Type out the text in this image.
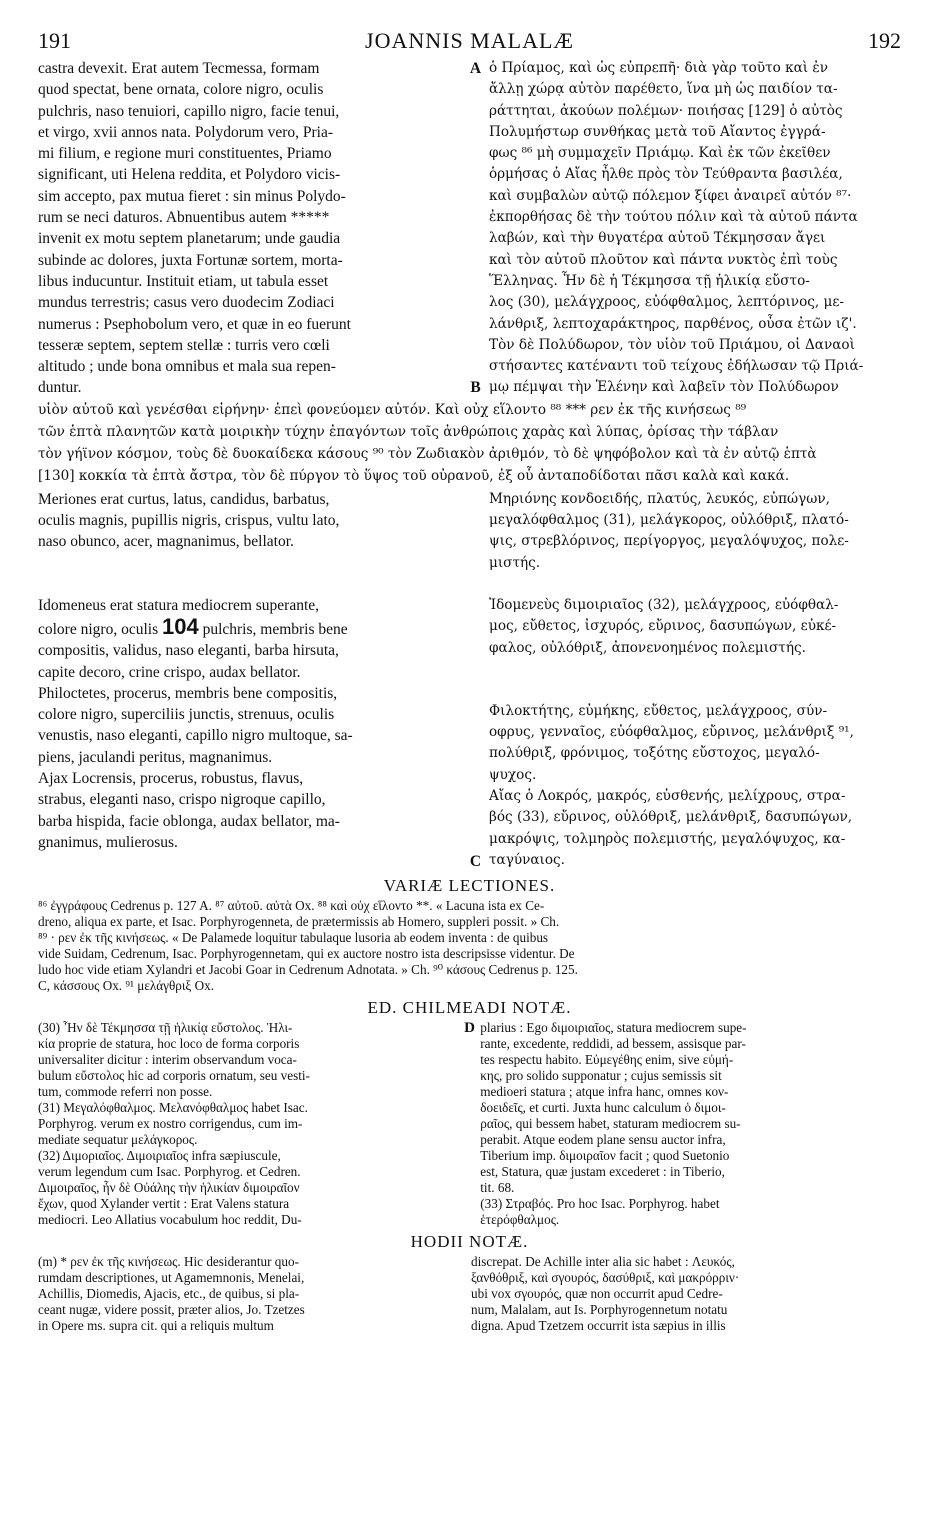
191	JOANNIS MALALÆ	192
castra devexit. Erat autem Tecmessa, formam
quod spectat, bene ornata, colore nigro, oculis
pulchris, naso tenuiori, capillo nigro, facie tenui,
et virgo, xvii annos nata. Polydorum vero, Pria-
mi filium, e regione muri constituentes, Priamo
significant, uti Helena reddita, et Polydoro vicis-
sim accepto, pax mutua fieret : sin minus Polydo-
rum se neci daturos. Abnuentibus autem *****
invenit ex motu septem planetarum; unde gaudia
subinde ac dolores, juxta Fortunæ sortem, morta-
libus inducuntur. Instituit etiam, ut tabula esset
mundus terrestris; casus vero duodecim Zodiaci
numerus : Psephobolum vero, et quæ in eo fuerunt
tesseræ septem, septem stellæ : turris vero cœli
altitudo ; unde bona omnibus et mala sua repen-
duntur.
A
B
ὁ Πρίαμος, καὶ ὡς εὐπρεπῆ· διὰ γὰρ τοῦτο καὶ ἐν
ἄλλῃ χώρᾳ αὐτὸν παρέθετο, ἵνα μὴ ὡς παιδίον τα-
ράττηται, ἀκούων πολέμων· ποιήσας [129] ὁ αὐτὸς
Πολυμήστωρ συνθήκας μετὰ τοῦ Αἴαντος ἐγγρά-
φως ⁸⁶ μὴ συμμαχεῖν Πριάμῳ. Καὶ ἐκ τῶν ἐκεῖθεν
ὁρμήσας ὁ Αἴας ἦλθε πρὸς τὸν Τεύθραντα βασιλέα,
καὶ συμβαλὼν αὐτῷ πόλεμον ξίφει ἀναιρεῖ αὐτόν ⁸⁷·
ἐκπορθήσας δὲ τὴν τούτου πόλιν καὶ τὰ αὐτοῦ πάντα
λαβών, καὶ τὴν θυγατέρα αὐτοῦ Τέκμησσαν ἄγει
καὶ τὸν αὐτοῦ πλοῦτον καὶ πάντα νυκτὸς ἐπὶ τοὺς
Ἕλληνας. Ἦν δὲ ἡ Τέκμησσα τῇ ἡλικίᾳ εὔστο-
λος (30), μελάγχροος, εὐόφθαλμος, λεπτόρινος, με-
λάνθριξ, λεπτοχαράκτηρος, παρθένος, οὖσα ἐτῶν ιζ'.
Τὸν δὲ Πολύδωρον, τὸν υἱὸν τοῦ Πριάμου, οἱ Δαναοὶ
στήσαντες κατέναντι τοῦ τείχους ἐδήλωσαν τῷ Πριά-
μῳ πέμψαι τὴν Ἑλένην καὶ λαβεῖν τὸν Πολύδωρον
υἱὸν αὐτοῦ καὶ γενέσθαι εἰρήνην· ἐπεὶ φονεύομεν αὐτόν. Καὶ οὐχ εἵλοντο ⁸⁸ *** ρεν ἐκ τῆς κινήσεως ⁸⁹
τῶν ἑπτὰ πλανητῶν κατὰ μοιρικὴν τύχην ἐπαγόντων τοῖς ἀνθρώποις χαρὰς καὶ λύπας, ὁρίσας τὴν τάβλαν
τὸν γήϊνον κόσμον, τοὺς δὲ δυοκαίδεκα κάσους ⁹⁰ τὸν Ζωδιακὸν ἀριθμόν, τὸ δὲ ψηφόβολον καὶ τὰ ἐν αὐτῷ ἑπτὰ
[130] κοκκία τὰ ἑπτὰ ἄστρα, τὸν δὲ πύργον τὸ ὕψος τοῦ οὐρανοῦ, ἐξ οὗ ἀνταποδίδοται πᾶσι καλὰ καὶ κακά.
Meriones erat curtus, latus, candidus, barbatus,
oculis magnis, pupillis nigris, crispus, vultu lato,
naso obunco, acer, magnanimus, bellator.
Idomeneus erat statura mediocrem superante,
colore nigro, oculis 104 pulchris, membris bene
compositis, validus, naso eleganti, barba hirsuta,
capite decoro, crine crispo, audax bellator.
Philoctetes, procerus, membris bene compositis,
colore nigro, superciliis junctis, strenuus, oculis
venustis, naso eleganti, capillo nigro multoque, sa-
piens, jaculandi peritus, magnanimus.
Ajax Locrensis, procerus, robustus, flavus,
strabus, eleganti naso, crispo nigroque capillo,
barba hispida, facie oblonga, audax bellator, ma-
gnanimus, mulierosus.
C
Μηριόνης κονδοειδής, πλατύς, λευκός, εὐπώγων,
μεγαλόφθαλμος (31), μελάγκορος, οὐλόθριξ, πλατό-
ψις, στρεβλόρινος, περίγοργος, μεγαλόψυχος, πολε-
μιστής.
Ἰδομενεὺς διμοιριαῖος (32), μελάγχροος, εὐόφθαλ-
μος, εὔθετος, ἰσχυρός, εὔρινος, δασυπώγων, εὐκέ-
φαλος, οὐλόθριξ, ἀπονενοημένος πολεμιστής.
Φιλοκτήτης, εὐμήκης, εὔθετος, μελάγχροος, σύν-
οφρυς, γενναῖος, εὐόφθαλμος, εὔρινος, μελάνθριξ ⁹¹,
πολύθριξ, φρόνιμος, τοξότης εὔστοχος, μεγαλό-
ψυχος.
Αἴας ὁ Λοκρός, μακρός, εὐσθενής, μελίχρους, στρα-
βός (33), εὔρινος, οὐλόθριξ, μελάνθριξ, δασυπώγων,
μακρόψις, τολμηρὸς πολεμιστής, μεγαλόψυχος, κα-
ταγύναιος.
VARIÆ LECTIONES.
⁸⁶ ἐγγράφους Cedrenus p. 127 A. ⁸⁷ αὐτοῦ. αὐτὰ Ox. ⁸⁸ καὶ οὐχ εἵλοντο **. « Lacuna ista ex Ce-
dreno, aliqua ex parte, et Isac. Porphyrogenneta, de prætermissis ab Homero, suppleri possit. » Ch.
⁸⁹ · ρεν ἐκ τῆς κινήσεως. « De Palamede loquitur tabulaque lusoria ab eodem inventa : de quibus
vide Suidam, Cedrenum, Isac. Porphyrogennetam, qui ex auctore nostro ista descripsisse videntur. De
ludo hoc vide etiam Xylandri et Jacobi Goar in Cedrenum Adnotata. » Ch. ⁹⁰ κάσους Cedrenus p. 125.
C, κάσσους Ox. ⁹¹ μελάγθριξ Ox.
ED. CHILMEADI NOTÆ.
(30) Ἦν δὲ Τέκμησσα τῇ ἡλικίᾳ εὔστολος. Ἡλι-
κία proprie de statura, hoc loco de forma corporis
universaliter dicitur : interim observandum voca-
bulum εὔστολος hic ad corporis ornatum, seu vesti-
tum, commode referri non posse.
(31) Μεγαλόφθαλμος. Μελανόφθαλμος habet Isac.
Porphyrog. verum ex nostro corrigendus, cum im-
mediate sequatur μελάγκορος.
(32) Διμοριαῖος. Διμοιριαῖος infra sæpiuscule,
verum legendum cum Isac. Porphyrog. et Cedren.
Διμοιραῖος, ἦν δὲ Οὐάλης τὴν ἡλικίαν διμοιραῖον
ἔχων, quod Xylander vertit : Erat Valens statura
mediocri. Leo Allatius vocabulum hoc reddit, Du-
D plarius : Ego διμοιριαῖος, statura mediocrem supe-
rante, excedente, reddidi, ad bessem, assisque par-
tes respectu habito. Εὐμεγέθης enim, sive εὐμή-
κης, pro solido supponatur ; cujus semissis sit
medioeri statura ; atque infra hanc, omnes κον-
δοειδεῖς, et curti. Juxta hunc calculum ὁ διμοι-
ραῖος, qui bessem habet, staturam mediocrem su-
perabit. Atque eodem plane sensu auctor infra,
Tiberium imp. διμοιραῖον facit ; quod Suetonio
est, Statura, quæ justam excederet : in Tiberio,
tit. 68.
(33) Στραβός. Pro hoc Isac. Porphyrog. habet
ἑτερόφθαλμος.
HODII NOTÆ.
(m) * ρεν ἐκ τῆς κινήσεως. Hic desiderantur quo-
rumdam descriptiones, ut Agamemnonis, Menelai,
Achillis, Diomedis, Ajacis, etc., de quibus, si pla-
ceant nugæ, videre possit, præter alios, Jo. Tzetzes
in Opere ms. supra cit. qui a reliquis multum
discrepat. De Achille inter alia sic habet : Λευκός,
ξανθόθριξ, καὶ σγουρός, δασύθριξ, καὶ μακρόρριν·
ubi vox σγουρός, quæ non occurrit apud Cedre-
num, Malalam, aut Is. Porphyrogennetum notatu
digna. Apud Tzetzem occurrit ista sæpius in illis
